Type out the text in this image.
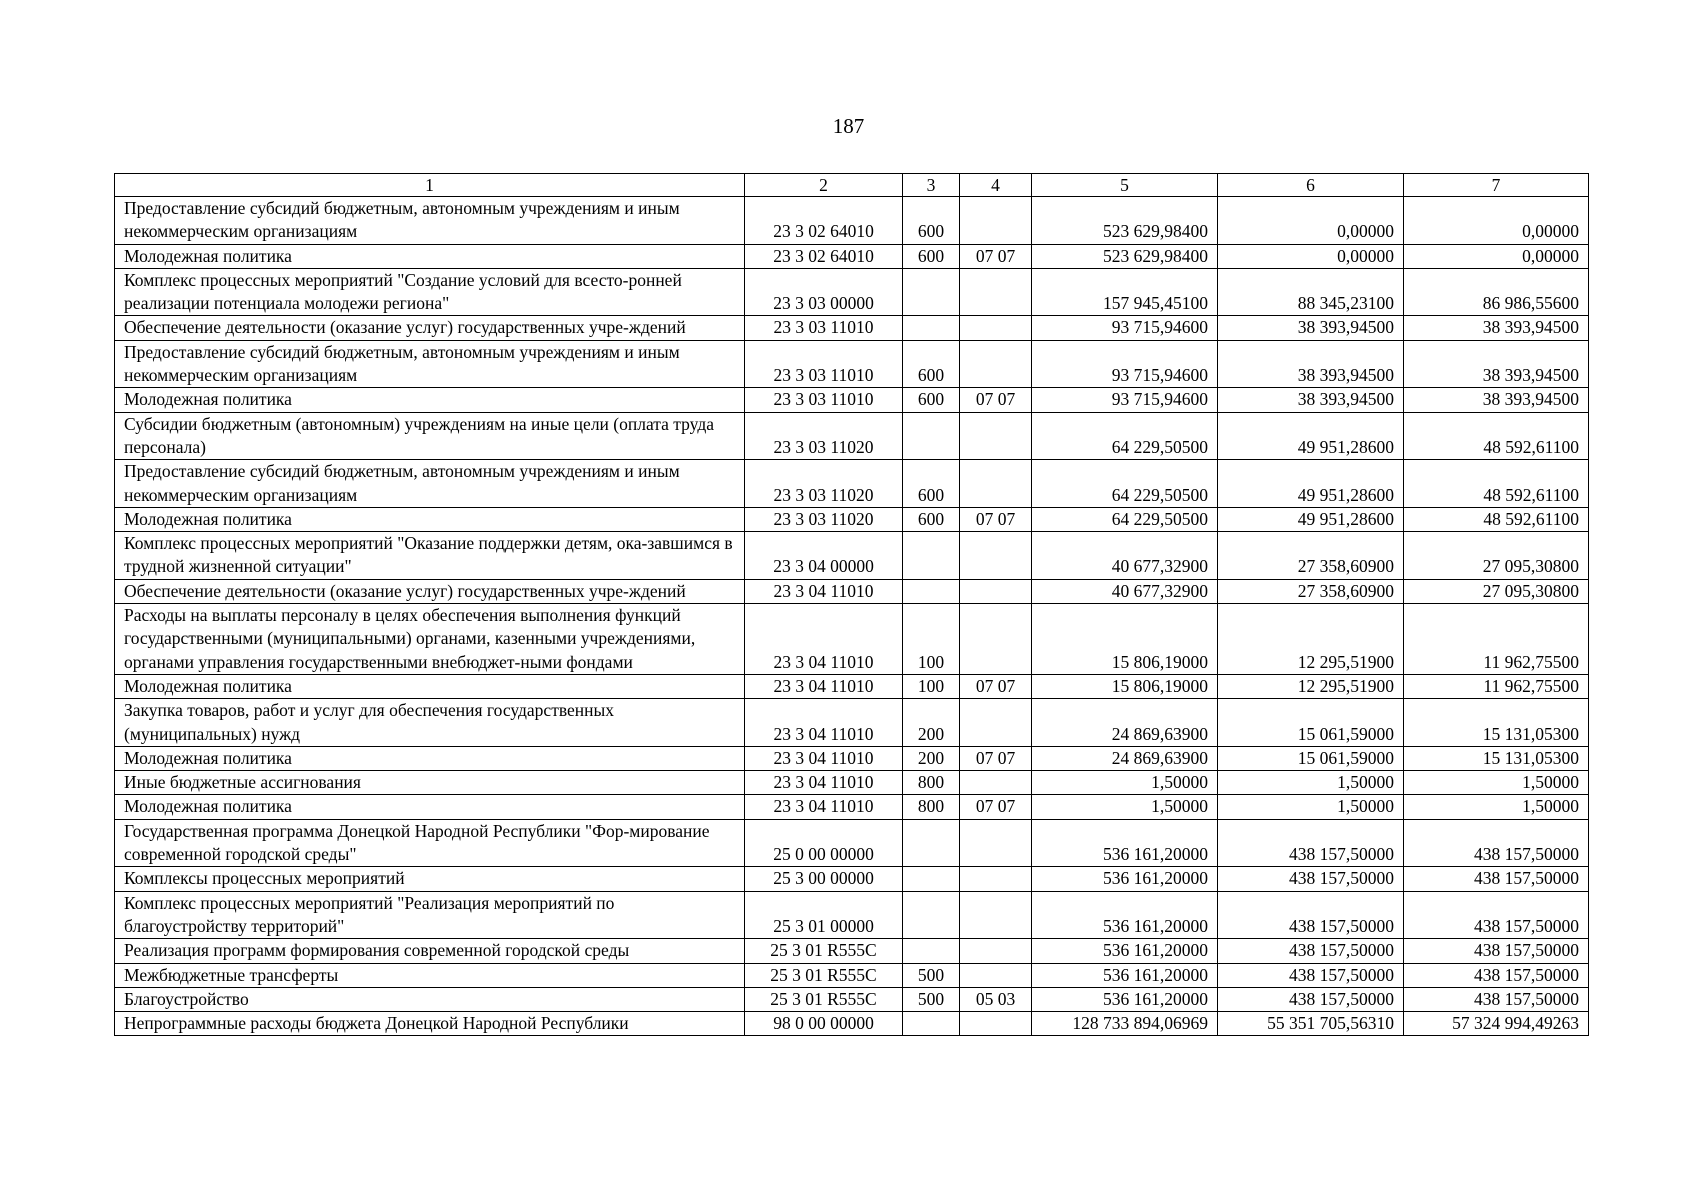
187
1	2	3	4	5	6	7
Предоставление субсидий бюджетным, автономным учреждениям и иным некоммерческим организациям	23 3 02 64010	600		523 629,98400	0,00000	0,00000
Молодежная политика	23 3 02 64010	600	07 07	523 629,98400	0,00000	0,00000
Комплекс процессных мероприятий "Создание условий для всесто-ронней реализации потенциала молодежи региона"	23 3 03 00000			157 945,45100	88 345,23100	86 986,55600
Обеспечение деятельности (оказание услуг) государственных учре-ждений	23 3 03 11010			93 715,94600	38 393,94500	38 393,94500
Предоставление субсидий бюджетным, автономным учреждениям и иным некоммерческим организациям	23 3 03 11010	600		93 715,94600	38 393,94500	38 393,94500
Молодежная политика	23 3 03 11010	600	07 07	93 715,94600	38 393,94500	38 393,94500
Субсидии бюджетным (автономным) учреждениям на иные цели (оплата труда персонала)	23 3 03 11020			64 229,50500	49 951,28600	48 592,61100
Предоставление субсидий бюджетным, автономным учреждениям и иным некоммерческим организациям	23 3 03 11020	600		64 229,50500	49 951,28600	48 592,61100
Молодежная политика	23 3 03 11020	600	07 07	64 229,50500	49 951,28600	48 592,61100
Комплекс процессных мероприятий "Оказание поддержки детям, ока-завшимся в трудной жизненной ситуации"	23 3 04 00000			40 677,32900	27 358,60900	27 095,30800
Обеспечение деятельности (оказание услуг) государственных учре-ждений	23 3 04 11010			40 677,32900	27 358,60900	27 095,30800
Расходы на выплаты персоналу в целях обеспечения выполнения функций государственными (муниципальными) органами, казенными учреждениями, органами управления государственными внебюджет-ными фондами	23 3 04 11010	100		15 806,19000	12 295,51900	11 962,75500
Молодежная политика	23 3 04 11010	100	07 07	15 806,19000	12 295,51900	11 962,75500
Закупка товаров, работ и услуг для обеспечения государственных (муниципальных) нужд	23 3 04 11010	200		24 869,63900	15 061,59000	15 131,05300
Молодежная политика	23 3 04 11010	200	07 07	24 869,63900	15 061,59000	15 131,05300
Иные бюджетные ассигнования	23 3 04 11010	800		1,50000	1,50000	1,50000
Молодежная политика	23 3 04 11010	800	07 07	1,50000	1,50000	1,50000
Государственная программа Донецкой Народной Республики "Фор-мирование современной городской среды"	25 0 00 00000			536 161,20000	438 157,50000	438 157,50000
Комплексы процессных мероприятий	25 3 00 00000			536 161,20000	438 157,50000	438 157,50000
Комплекс процессных мероприятий "Реализация мероприятий по благоустройству территорий"	25 3 01 00000			536 161,20000	438 157,50000	438 157,50000
Реализация программ формирования современной городской среды	25 3 01 R555C			536 161,20000	438 157,50000	438 157,50000
Межбюджетные трансферты	25 3 01 R555C	500		536 161,20000	438 157,50000	438 157,50000
Благоустройство	25 3 01 R555C	500	05 03	536 161,20000	438 157,50000	438 157,50000
Непрограммные расходы бюджета Донецкой Народной Республики	98 0 00 00000			128 733 894,06969	55 351 705,56310	57 324 994,49263
